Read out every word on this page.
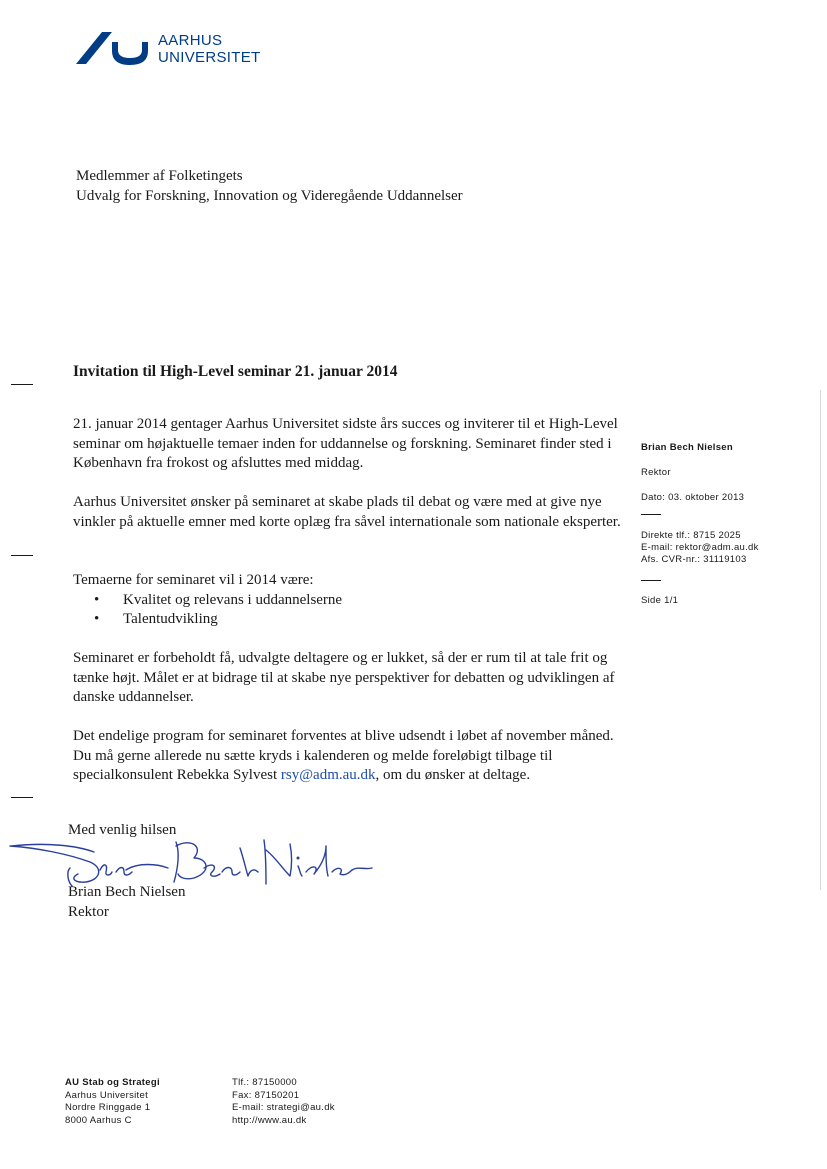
AARHUS
UNIVERSITET
Medlemmer af Folketingets
Udvalg for Forskning, Innovation og Videregående Uddannelser
Invitation til High-Level seminar 21. januar 2014

21. januar 2014 gentager Aarhus Universitet sidste års succes og inviterer til et High-Level seminar om højaktuelle temaer inden for uddannelse og forskning. Seminaret finder sted i København fra frokost og afsluttes med middag.

Aarhus Universitet ønsker på seminaret at skabe plads til debat og være med at give nye vinkler på aktuelle emner med korte oplæg fra såvel internationale som nationale eksperter.

Temaerne for seminaret vil i 2014 være:
• Kvalitet og relevans i uddannelserne
• Talentudvikling

Seminaret er forbeholdt få, udvalgte deltagere og er lukket, så der er rum til at tale frit og tænke højt. Målet er at bidrage til at skabe nye perspektiver for debatten og udviklingen af danske uddannelser.

Det endelige program for seminaret forventes at blive udsendt i løbet af november måned. Du må gerne allerede nu sætte kryds i kalenderen og melde foreløbigt tilbage til specialkonsulent Rebekka Sylvest rsy@adm.au.dk, om du ønsker at deltage.

Med venlig hilsen
Brian Bech Nielsen
Rektor
Brian Bech Nielsen
Rektor
Dato: 03. oktober 2013
Direkte tlf.: 8715 2025
E-mail: rektor@adm.au.dk
Afs. CVR-nr.: 31119103
Side 1/1
AU Stab og Strategi
Aarhus Universitet
Nordre Ringgade 1
8000 Aarhus C
Tlf.: 87150000
Fax: 87150201
E-mail: strategi@au.dk
http://www.au.dk
